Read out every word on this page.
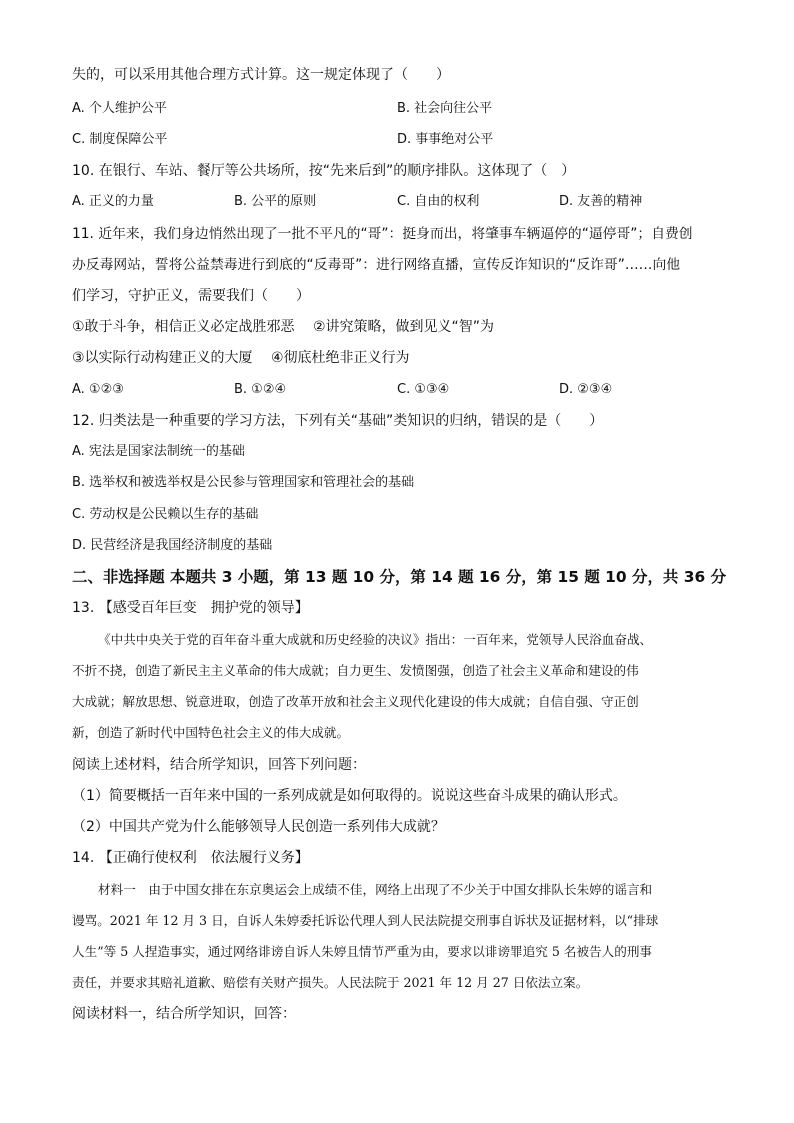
失的，可以采用其他合理方式计算。这一规定体现了（　　）
A. 个人维护公平	B. 社会向往公平
C. 制度保障公平	D. 事事绝对公平
10. 在银行、车站、餐厅等公共场所，按“先来后到”的顺序排队。这体现了（　）
A. 正义的力量	B. 公平的原则	C. 自由的权利	D. 友善的精神
11. 近年来，我们身边悄然出现了一批不平凡的“哥”：挺身而出，将肇事车辆逼停的“逼停哥”；自费创
办反毒网站，誓将公益禁毒进行到底的“反毒哥”：进行网络直播，宣传反诈知识的“反诈哥”……向他
们学习，守护正义，需要我们（　　）
①敢于斗争，相信正义必定战胜邪恶　 ②讲究策略，做到见义“智”为
③以实际行动构建正义的大厦　 ④彻底杜绝非正义行为
A. ①②③	B. ①②④	C. ①③④	D. ②③④
12. 归类法是一种重要的学习方法，下列有关“基础”类知识的归纳，错误的是（　　）
A. 宪法是国家法制统一的基础
B. 选举权和被选举权是公民参与管理国家和管理社会的基础
C. 劳动权是公民赖以生存的基础
D. 民营经济是我国经济制度的基础
二、非选择题 本题共 3 小题，第 13 题 10 分，第 14 题 16 分，第 15 题 10 分，共 36 分
13. 【感受百年巨变　拥护党的领导】
《中共中央关于党的百年奋斗重大成就和历史经验的决议》指出：一百年来，党领导人民浴血奋战、
不折不挠，创造了新民主主义革命的伟大成就；自力更生、发愤图强，创造了社会主义革命和建设的伟
大成就；解放思想、锐意进取，创造了改革开放和社会主义现代化建设的伟大成就；自信自强、守正创
新，创造了新时代中国特色社会主义的伟大成就。
阅读上述材料，结合所学知识，回答下列问题：
（1）简要概括一百年来中国的一系列成就是如何取得的。说说这些奋斗成果的确认形式。
（2）中国共产党为什么能够领导人民创造一系列伟大成就？
14. 【正确行使权利　依法履行义务】
材料一　由于中国女排在东京奥运会上成绩不佳，网络上出现了不少关于中国女排队长朱婷的谣言和
谩骂。2021 年 12 月 3 日，自诉人朱婷委托诉讼代理人到人民法院提交刑事自诉状及证据材料，以“排球
人生”等 5 人捏造事实，通过网络诽谤自诉人朱婷且情节严重为由，要求以诽谤罪追究 5 名被告人的刑事
责任，并要求其赔礼道歉、赔偿有关财产损失。人民法院于 2021 年 12 月 27 日依法立案。
阅读材料一，结合所学知识，回答：
